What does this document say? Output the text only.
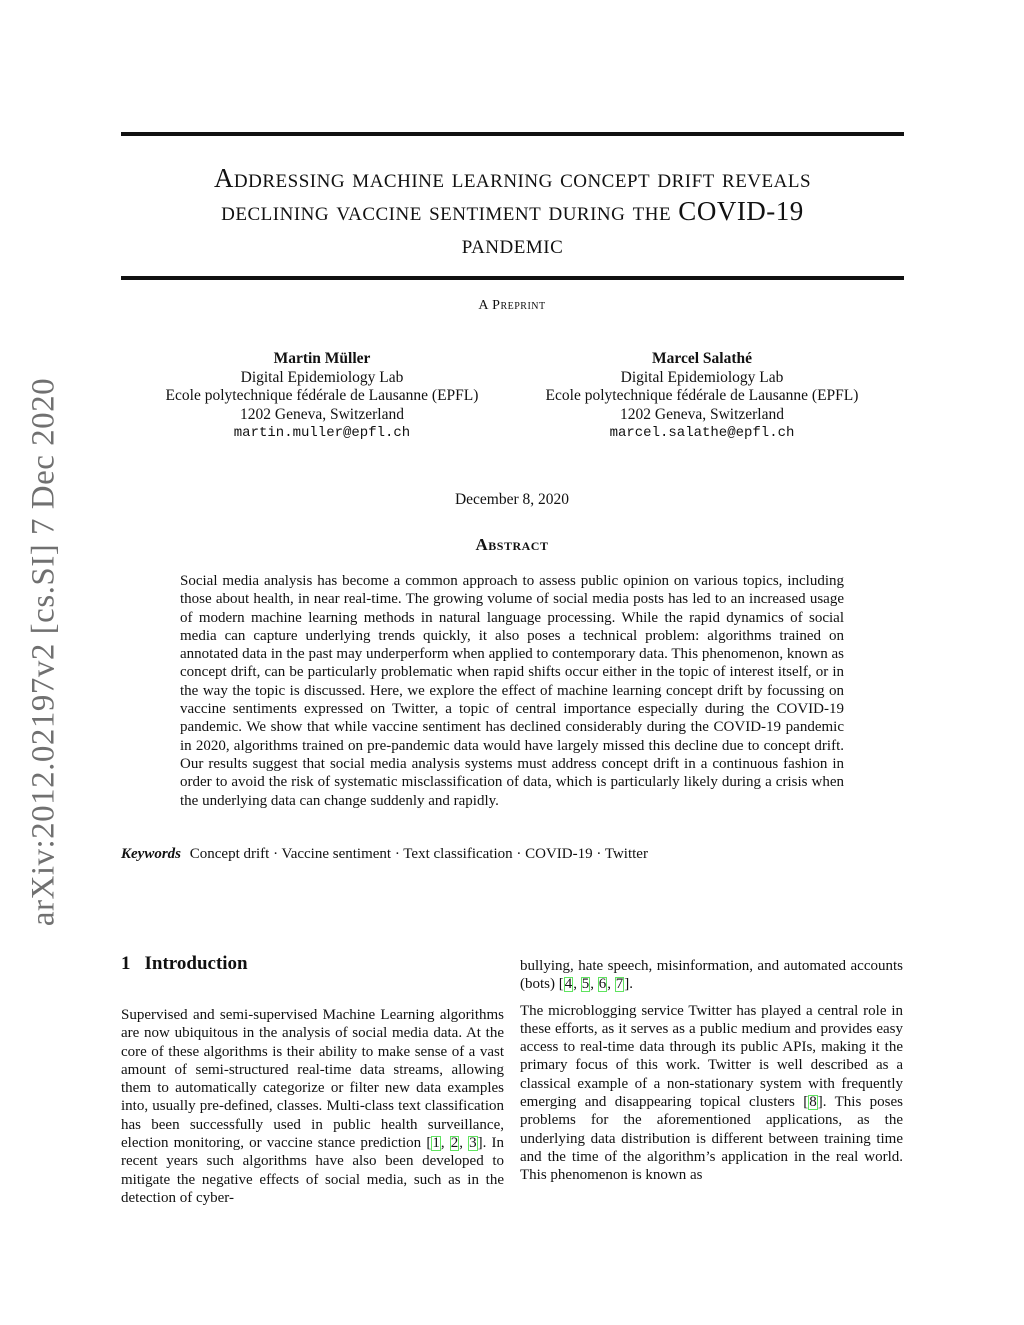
arXiv:2012.02197v2 [cs.SI] 7 Dec 2020
Addressing machine learning concept drift reveals
declining vaccine sentiment during the COVID-19
pandemic
A Preprint
Martin Müller
Digital Epidemiology Lab
Ecole polytechnique fédérale de Lausanne (EPFL)
1202 Geneva, Switzerland
martin.muller@epfl.ch
Marcel Salathé
Digital Epidemiology Lab
Ecole polytechnique fédérale de Lausanne (EPFL)
1202 Geneva, Switzerland
marcel.salathe@epfl.ch
December 8, 2020
Abstract
Social media analysis has become a common approach to assess public opinion on various topics, including those about health, in near real-time. The growing volume of social media posts has led to an increased usage of modern machine learning methods in natural language processing. While the rapid dynamics of social media can capture underlying trends quickly, it also poses a technical problem: algorithms trained on annotated data in the past may underperform when applied to contemporary data. This phenomenon, known as concept drift, can be particularly problematic when rapid shifts occur either in the topic of interest itself, or in the way the topic is discussed. Here, we explore the effect of machine learning concept drift by focussing on vaccine sentiments expressed on Twitter, a topic of central importance especially during the COVID-19 pandemic. We show that while vaccine sentiment has declined considerably during the COVID-19 pandemic in 2020, algorithms trained on pre-pandemic data would have largely missed this decline due to concept drift. Our results suggest that social media analysis systems must address concept drift in a continuous fashion in order to avoid the risk of systematic misclassification of data, which is particularly likely during a crisis when the underlying data can change suddenly and rapidly.
Keywords Concept drift · Vaccine sentiment · Text classification · COVID-19 · Twitter
1 Introduction

Supervised and semi-supervised Machine Learning algorithms are now ubiquitous in the analysis of social media data. At the core of these algorithms is their ability to make sense of a vast amount of semi-structured real-time data streams, allowing them to automatically categorize or filter new data examples into, usually pre-defined, classes. Multi-class text classification has been successfully used in public health surveillance, election monitoring, or vaccine stance prediction [1, 2, 3]. In recent years such algorithms have also been developed to mitigate the negative effects of social media, such as in the detection of cyber-

bullying, hate speech, misinformation, and automated accounts (bots) [4, 5, 6, 7].

The microblogging service Twitter has played a central role in these efforts, as it serves as a public medium and provides easy access to real-time data through its public APIs, making it the primary focus of this work. Twitter is well described as a classical example of a non-stationary system with frequently emerging and disappearing topical clusters [8]. This poses problems for the aforementioned applications, as the underlying data distribution is different between training time and the time of the algorithm’s application in the real world. This phenomenon is known as
